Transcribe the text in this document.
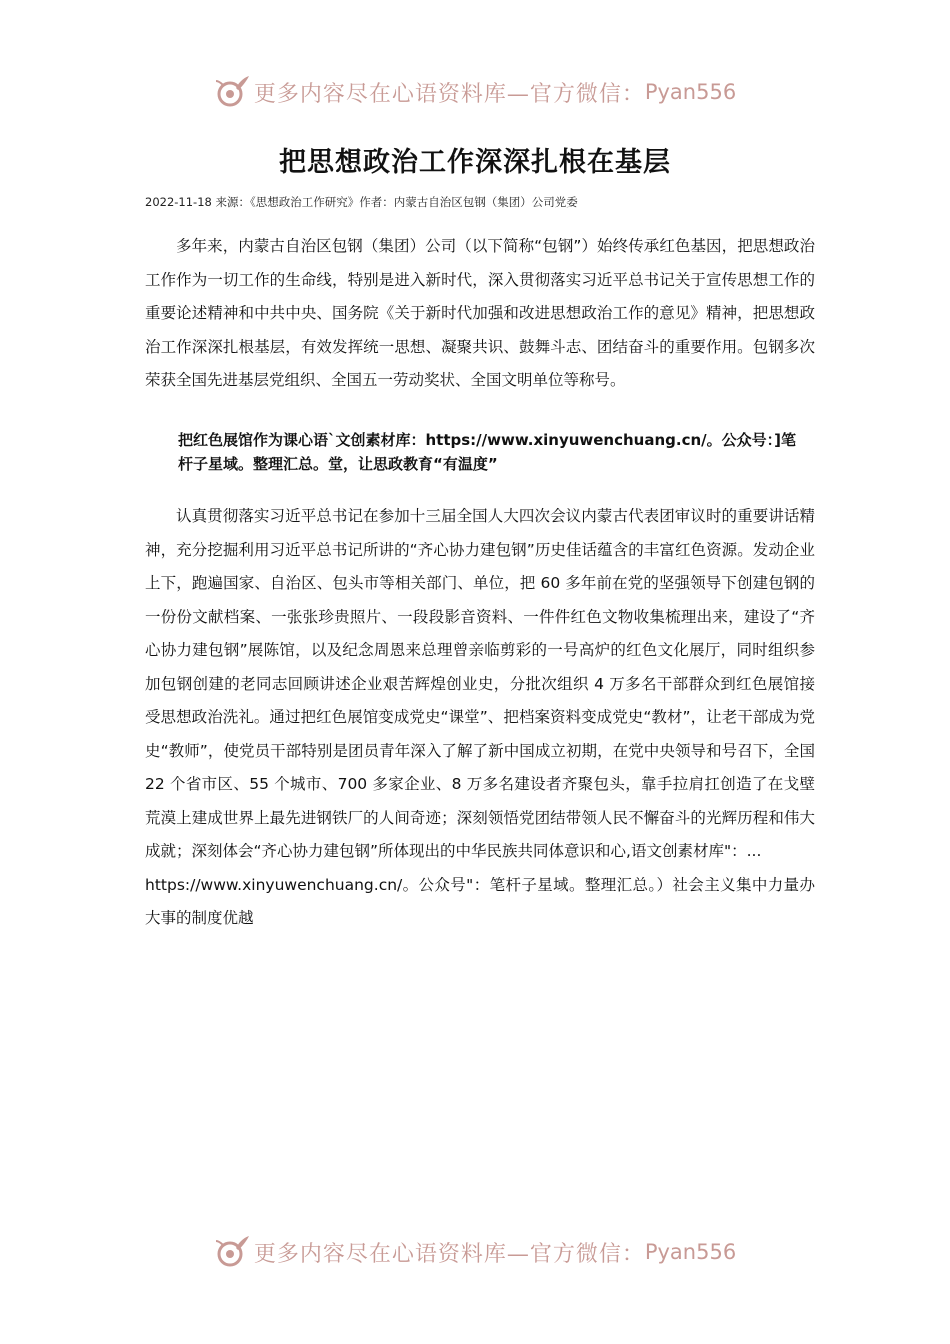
更多内容尽在心语资料库—官方微信： Pyan556
把思想政治工作深深扎根在基层
2022-11-18 来源：《思想政治工作研究》作者：内蒙古自治区包钢（集团）公司党委

多年来，内蒙古自治区包钢（集团）公司（以下简称“包钢”）始终传承红色基因，把思想政治工作作为一切工作的生命线，特别是进入新时代，深入贯彻落实习近平总书记关于宣传思想工作的重要论述精神和中共中央、国务院《关于新时代加强和改进思想政治工作的意见》精神，把思想政治工作深深扎根基层，有效发挥统一思想、凝聚共识、鼓舞斗志、团结奋斗的重要作用。包钢多次荣获全国先进基层党组织、全国五一劳动奖状、全国文明单位等称号。

把红色展馆作为课心语`文创素材库：https://www.xinyuwenchuang.cn/。公众号：]笔杆子星域。整理汇总。堂，让思政教育“有温度”

认真贯彻落实习近平总书记在参加十三届全国人大四次会议内蒙古代表团审议时的重要讲话精神，充分挖掘利用习近平总书记所讲的“齐心协力建包钢”历史佳话蕴含的丰富红色资源。发动企业上下，跑遍国家、自治区、包头市等相关部门、单位，把 60 多年前在党的坚强领导下创建包钢的一份份文献档案、一张张珍贵照片、一段段影音资料、一件件红色文物收集梳理出来，建设了“齐心协力建包钢”展陈馆，以及纪念周恩来总理曾亲临剪彩的一号高炉的红色文化展厅，同时组织参加包钢创建的老同志回顾讲述企业艰苦辉煌创业史，分批次组织 4 万多名干部群众到红色展馆接受思想政治洗礼。通过把红色展馆变成党史“课堂”、把档案资料变成党史“教材”，让老干部成为党史“教师”，使党员干部特别是团员青年深入了解了新中国成立初期，在党中央领导和号召下，全国 22 个省市区、55 个城市、700 多家企业、8 万多名建设者齐聚包头，靠手拉肩扛创造了在戈壁荒漠上建成世界上最先进钢铁厂的人间奇迹；深刻领悟党团结带领人民不懈奋斗的光辉历程和伟大成就；深刻体会“齐心协力建包钢”所体现出的中华民族共同体意识和心,语文创素材库"：...
https://www.xinyuwenchuang.cn/。公众号"：笔杆子星域。整理汇总。）社会主义集中力量办大事的制度优越

更多内容尽在心语资料库—官方微信： Pyan556
